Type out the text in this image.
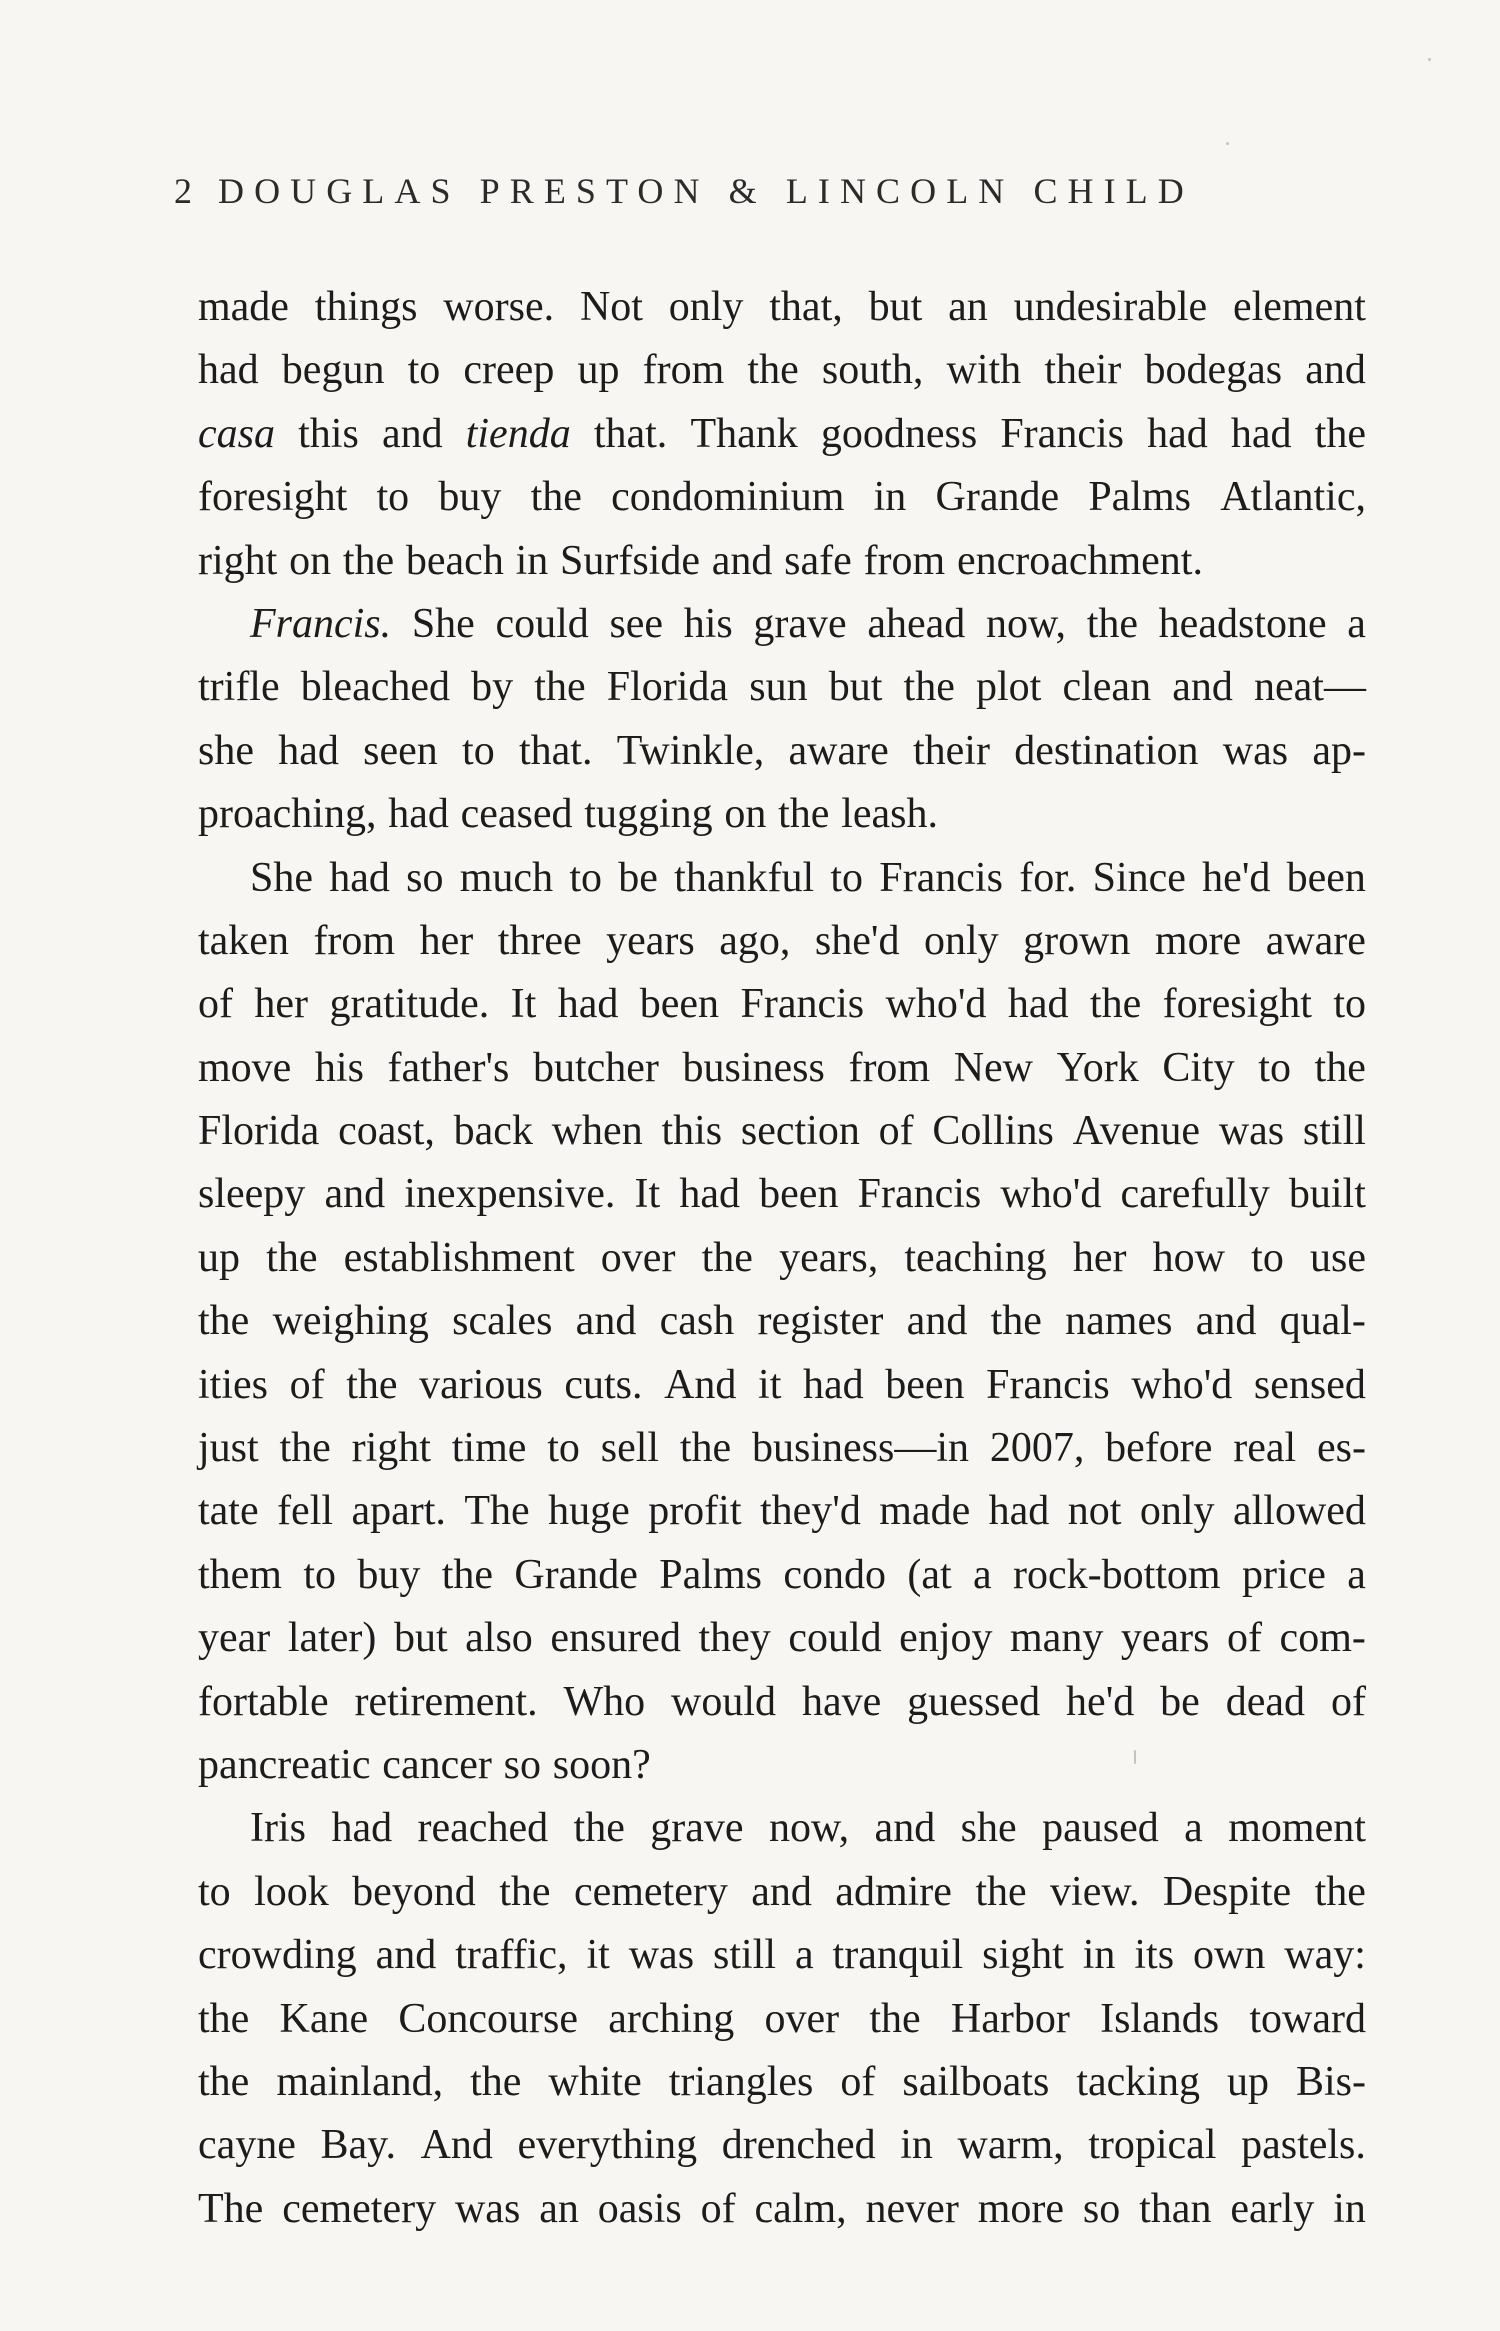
2 DOUGLAS PRESTON & LINCOLN CHILD
made things worse. Not only that, but an undesirable element
had begun to creep up from the south, with their bodegas and
casa this and tienda that. Thank goodness Francis had had the
foresight to buy the condominium in Grande Palms Atlantic,
right on the beach in Surfside and safe from encroachment.
Francis. She could see his grave ahead now, the headstone a
trifle bleached by the Florida sun but the plot clean and neat—
she had seen to that. Twinkle, aware their destination was ap-
proaching, had ceased tugging on the leash.
She had so much to be thankful to Francis for. Since he'd been
taken from her three years ago, she'd only grown more aware
of her gratitude. It had been Francis who'd had the foresight to
move his father's butcher business from New York City to the
Florida coast, back when this section of Collins Avenue was still
sleepy and inexpensive. It had been Francis who'd carefully built
up the establishment over the years, teaching her how to use
the weighing scales and cash register and the names and qual-
ities of the various cuts. And it had been Francis who'd sensed
just the right time to sell the business—in 2007, before real es-
tate fell apart. The huge profit they'd made had not only allowed
them to buy the Grande Palms condo (at a rock-bottom price a
year later) but also ensured they could enjoy many years of com-
fortable retirement. Who would have guessed he'd be dead of
pancreatic cancer so soon?
Iris had reached the grave now, and she paused a moment
to look beyond the cemetery and admire the view. Despite the
crowding and traffic, it was still a tranquil sight in its own way:
the Kane Concourse arching over the Harbor Islands toward
the mainland, the white triangles of sailboats tacking up Bis-
cayne Bay. And everything drenched in warm, tropical pastels.
The cemetery was an oasis of calm, never more so than early in
